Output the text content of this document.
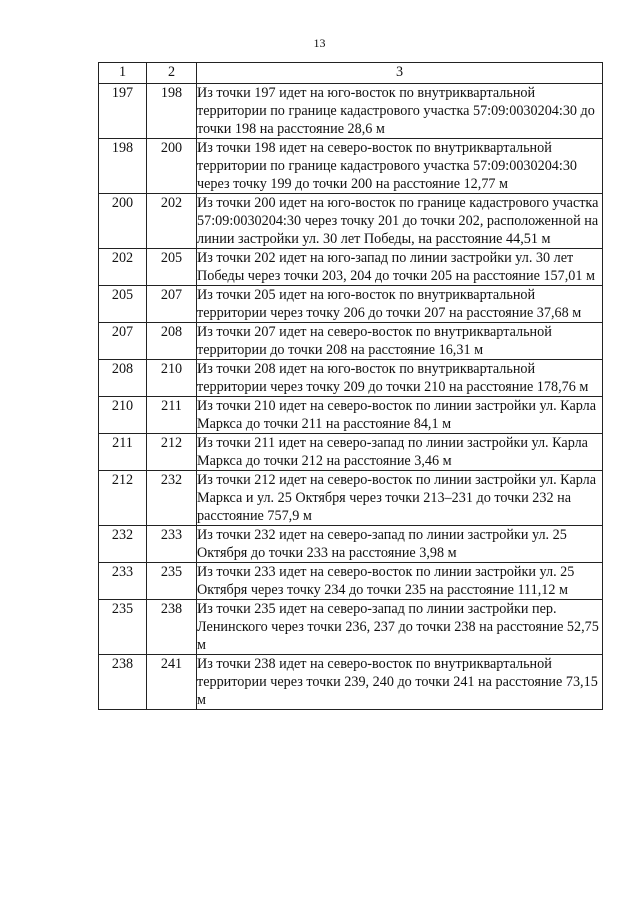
13
1	2	3
197	198	Из точки 197 идет на юго-восток по внутриквартальной территории по границе кадастрового участка 57:09:0030204:30 до точки 198 на расстояние 28,6 м
198	200	Из точки 198 идет на северо-восток по внутриквартальной территории по границе кадастрового участка 57:09:0030204:30 через точку 199 до точки 200 на расстояние 12,77 м
200	202	Из точки 200 идет на юго-восток по границе кадастрового участка 57:09:0030204:30 через точку 201 до точки 202, расположенной на линии застройки ул. 30 лет Победы, на расстояние 44,51 м
202	205	Из точки 202 идет на юго-запад по линии застройки ул. 30 лет Победы через точки 203, 204 до точки 205 на расстояние 157,01 м
205	207	Из точки 205 идет на юго-восток по внутриквартальной территории через точку 206 до точки 207 на расстояние 37,68 м
207	208	Из точки 207 идет на северо-восток по внутриквартальной территории до точки 208 на расстояние 16,31 м
208	210	Из точки 208 идет на юго-восток по внутриквартальной территории через точку 209 до точки 210 на расстояние 178,76 м
210	211	Из точки 210 идет на северо-восток по линии застройки ул. Карла Маркса до точки 211 на расстояние 84,1 м
211	212	Из точки 211 идет на северо-запад по линии застройки ул. Карла Маркса до точки 212 на расстояние 3,46 м
212	232	Из точки 212 идет на северо-восток по линии застройки ул. Карла Маркса и ул. 25 Октября через точки 213–231 до точки 232 на расстояние 757,9 м
232	233	Из точки 232 идет на северо-запад по линии застройки ул. 25 Октября до точки 233 на расстояние 3,98 м
233	235	Из точки 233 идет на северо-восток по линии застройки ул. 25 Октября через точку 234 до точки 235 на расстояние 111,12 м
235	238	Из точки 235 идет на северо-запад по линии застройки пер. Ленинского через точки 236, 237 до точки 238 на расстояние 52,75 м
238	241	Из точки 238 идет на северо-восток по внутриквартальной территории через точки 239, 240 до точки 241 на расстояние 73,15 м
